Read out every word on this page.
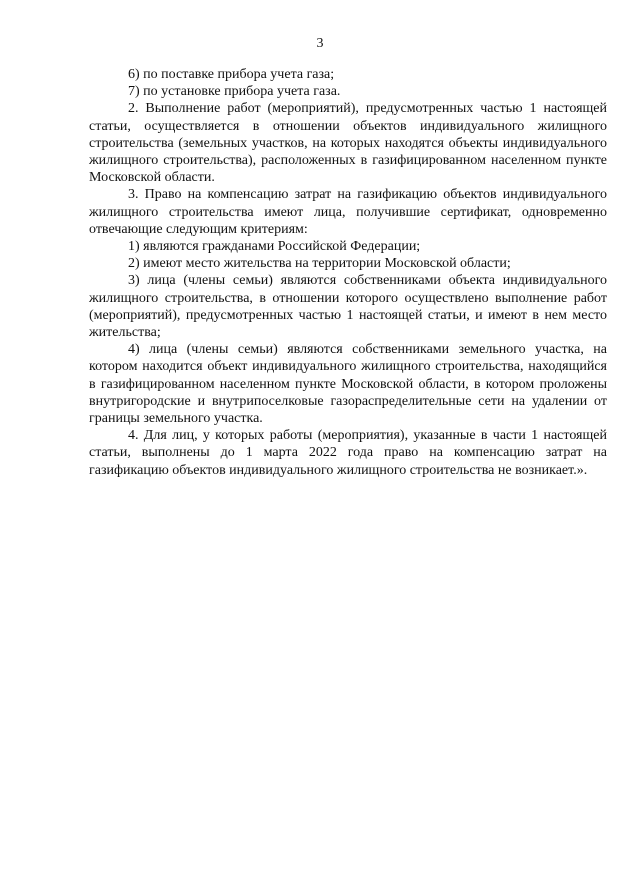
3

6) по поставке прибора учета газа;

7) по установке прибора учета газа.

2. Выполнение работ (мероприятий), предусмотренных частью 1 настоящей статьи, осуществляется в отношении объектов индивидуального жилищного строительства (земельных участков, на которых находятся объекты индивидуального жилищного строительства), расположенных в газифицированном населенном пункте Московской области.

3. Право на компенсацию затрат на газификацию объектов индивидуального жилищного строительства имеют лица, получившие сертификат, одновременно отвечающие следующим критериям:

1) являются гражданами Российской Федерации;

2) имеют место жительства на территории Московской области;

3) лица (члены семьи) являются собственниками объекта индивидуального жилищного строительства, в отношении которого осуществлено выполнение работ (мероприятий), предусмотренных частью 1 настоящей статьи, и имеют в нем место жительства;

4) лица (члены семьи) являются собственниками земельного участка, на котором находится объект индивидуального жилищного строительства, находящийся в газифицированном населенном пункте Московской области, в котором проложены внутригородские и внутрипоселковые газораспределительные сети на удалении от границы земельного участка.

4. Для лиц, у которых работы (мероприятия), указанные в части 1 настоящей статьи, выполнены до 1 марта 2022 года право на компенсацию затрат на газификацию объектов индивидуального жилищного строительства не возникает.».
